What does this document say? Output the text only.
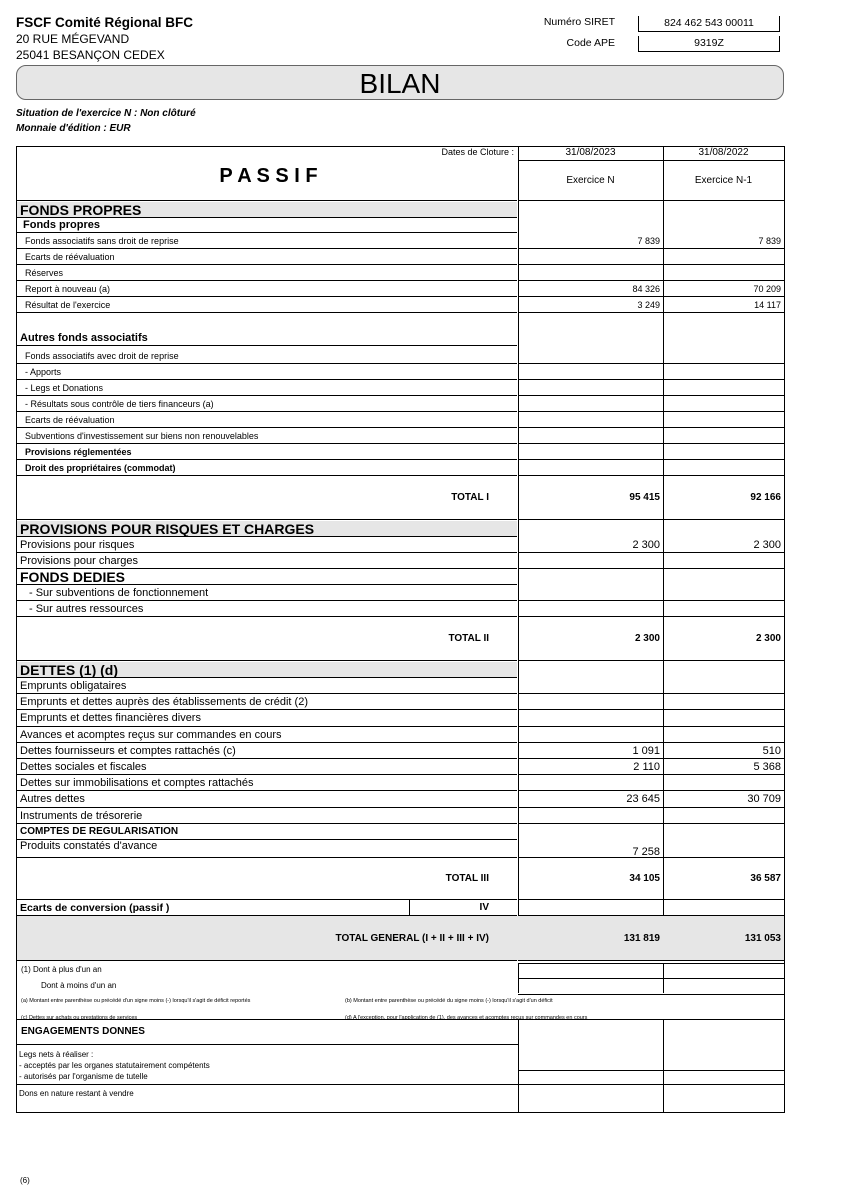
FSCF Comité Régional BFC
20 RUE MÉGEVAND
25041 BESANÇON CEDEX
Numéro SIRET	824 462 543 00011
Code APE	9319Z
BILAN
Situation de l'exercice N : Non clôturé
Monnaie d'édition : EUR
Dates de Cloture :	31/08/2023	31/08/2022
P A S S I F	Exercice N	Exercice N-1
FONDS PROPRES
Fonds propres
Fonds associatifs sans droit de reprise	7 839	7 839
Ecarts de réévaluation
Réserves
Report à nouveau (a)	84 326	70 209
Résultat de l'exercice	3 249	14 117
Autres fonds associatifs
Fonds associatifs avec droit de reprise
- Apports
- Legs et Donations
- Résultats sous contrôle de tiers financeurs (a)
Ecarts de réévaluation
Subventions d'investissement sur biens non renouvelables
Provisions réglementées
Droit des propriétaires (commodat)
TOTAL I	95 415	92 166
PROVISIONS POUR RISQUES ET CHARGES
Provisions pour risques	2 300	2 300
Provisions pour charges
FONDS DEDIES
- Sur subventions de fonctionnement
- Sur autres ressources
TOTAL II	2 300	2 300
DETTES (1) (d)
Emprunts obligataires
Emprunts et dettes auprès des établissements de crédit (2)
Emprunts et dettes financières divers
Avances et acomptes reçus sur commandes en cours
Dettes fournisseurs et comptes rattachés (c)	1 091	510
Dettes sociales et fiscales	2 110	5 368
Dettes sur immobilisations et comptes rattachés
Autres dettes	23 645	30 709
Instruments de trésorerie
COMPTES DE REGULARISATION
Produits constatés d'avance	7 258
TOTAL III	34 105	36 587
Ecarts de conversion (passif )	IV
TOTAL GENERAL (I + II + III + IV)	131 819	131 053
(1) Dont à plus d'un an
Dont à moins d'un an
(a) Montant entre parenthèse ou précédé d'un signe moins (-) lorsqu'il s'agit de déficit reportés	(b) Montant entre parenthèse ou précédé du signe moins (-) lorsqu'il s'agit d'un déficit
(c) Dettes sur achats ou prestations de services	(d) A l'exception, pour l'application de (1), des avances et acomptes reçus sur commandes en cours
ENGAGEMENTS DONNES
Legs nets à réaliser :
- acceptés par les organes statutairement compétents
- autorisés par l'organisme de tutelle
Dons en nature restant à vendre
(6)
